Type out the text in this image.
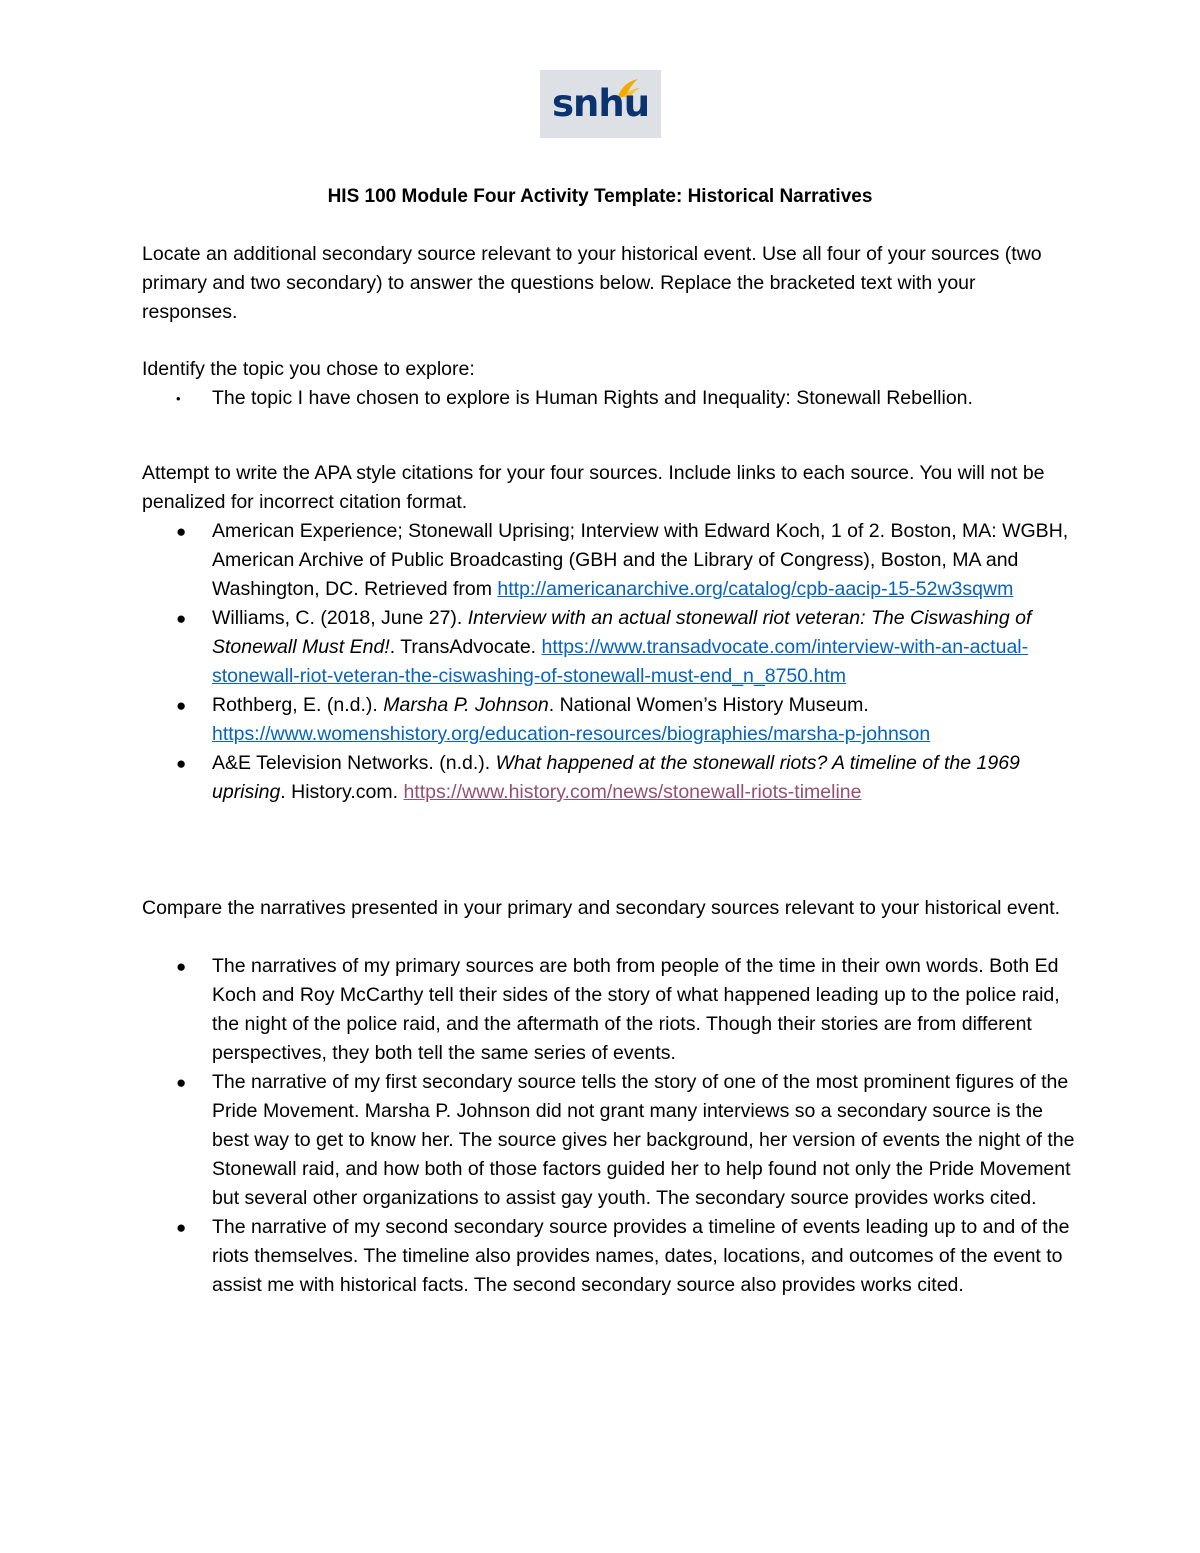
snhu
HIS 100 Module Four Activity Template: Historical Narratives

Locate an additional secondary source relevant to your historical event. Use all four of your sources (two primary and two secondary) to answer the questions below. Replace the bracketed text with your responses.

Identify the topic you chose to explore:

• The topic I have chosen to explore is Human Rights and Inequality: Stonewall Rebellion.

Attempt to write the APA style citations for your four sources. Include links to each source. You will not be penalized for incorrect citation format.

● American Experience; Stonewall Uprising; Interview with Edward Koch, 1 of 2. Boston, MA: WGBH, American Archive of Public Broadcasting (GBH and the Library of Congress), Boston, MA and Washington, DC. Retrieved from http://americanarchive.org/catalog/cpb-aacip-15-52w3sqwm
● Williams, C. (2018, June 27). Interview with an actual stonewall riot veteran: The Ciswashing of Stonewall Must End!. TransAdvocate. https://www.transadvocate.com/interview-with-an-actual-stonewall-riot-veteran-the-ciswashing-of-stonewall-must-end_n_8750.htm
● Rothberg, E. (n.d.). Marsha P. Johnson. National Women’s History Museum. https://www.womenshistory.org/education-resources/biographies/marsha-p-johnson
● A&E Television Networks. (n.d.). What happened at the stonewall riots? A timeline of the 1969 uprising. History.com. https://www.history.com/news/stonewall-riots-timeline

Compare the narratives presented in your primary and secondary sources relevant to your historical event.

● The narratives of my primary sources are both from people of the time in their own words. Both Ed Koch and Roy McCarthy tell their sides of the story of what happened leading up to the police raid, the night of the police raid, and the aftermath of the riots. Though their stories are from different perspectives, they both tell the same series of events.
● The narrative of my first secondary source tells the story of one of the most prominent figures of the Pride Movement. Marsha P. Johnson did not grant many interviews so a secondary source is the best way to get to know her. The source gives her background, her version of events the night of the Stonewall raid, and how both of those factors guided her to help found not only the Pride Movement but several other organizations to assist gay youth. The secondary source provides works cited.
● The narrative of my second secondary source provides a timeline of events leading up to and of the riots themselves. The timeline also provides names, dates, locations, and outcomes of the event to assist me with historical facts. The second secondary source also provides works cited.
